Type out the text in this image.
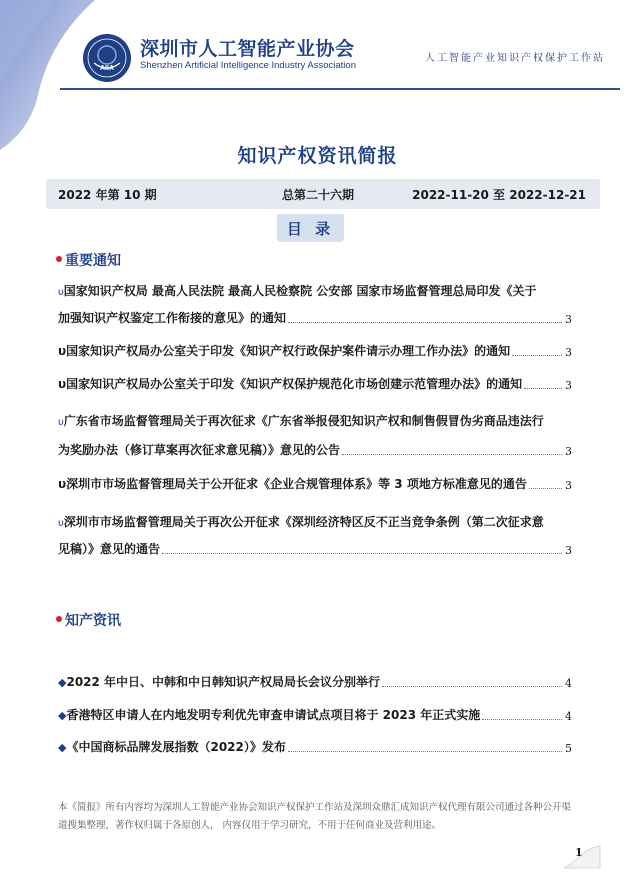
AIIA
深圳市人工智能产业协会
Shenzhen Artificial Intelligence Industry Association
人工智能产业知识产权保护工作站
知识产权资讯简报
2022 年第 10 期	总第二十六期	2022-11-20 至 2022-12-21
目 录
重要通知
υ国家知识产权局 最高人民法院 最高人民检察院 公安部 国家市场监督管理总局印发《关于
加强知识产权鉴定工作衔接的意见》的通知	3
υ国家知识产权局办公室关于印发《知识产权行政保护案件请示办理工作办法》的通知	3
υ国家知识产权局办公室关于印发《知识产权保护规范化市场创建示范管理办法》的通知	3
υ广东省市场监督管理局关于再次征求《广东省举报侵犯知识产权和制售假冒伪劣商品违法行
为奖励办法（修订草案再次征求意见稿）》意见的公告	3
υ深圳市市场监督管理局关于公开征求《企业合规管理体系》等 3 项地方标准意见的通告	3
υ深圳市市场监督管理局关于再次公开征求《深圳经济特区反不正当竞争条例（第二次征求意
见稿）》意见的通告	3
知产资讯
◆2022 年中日、中韩和中日韩知识产权局局长会议分别举行	4
◆香港特区申请人在内地发明专利优先审查申请试点项目将于 2023 年正式实施	4
◆《中国商标品牌发展指数（2022）》发布	5
本《简报》所有内容均为深圳人工智能产业协会知识产权保护工作站及深圳众鼎汇成知识产权代理有限公司通过各种公开渠道搜集整理，著作权归属于各原创人， 内容仅用于学习研究，不用于任何商业及营利用途。
1
